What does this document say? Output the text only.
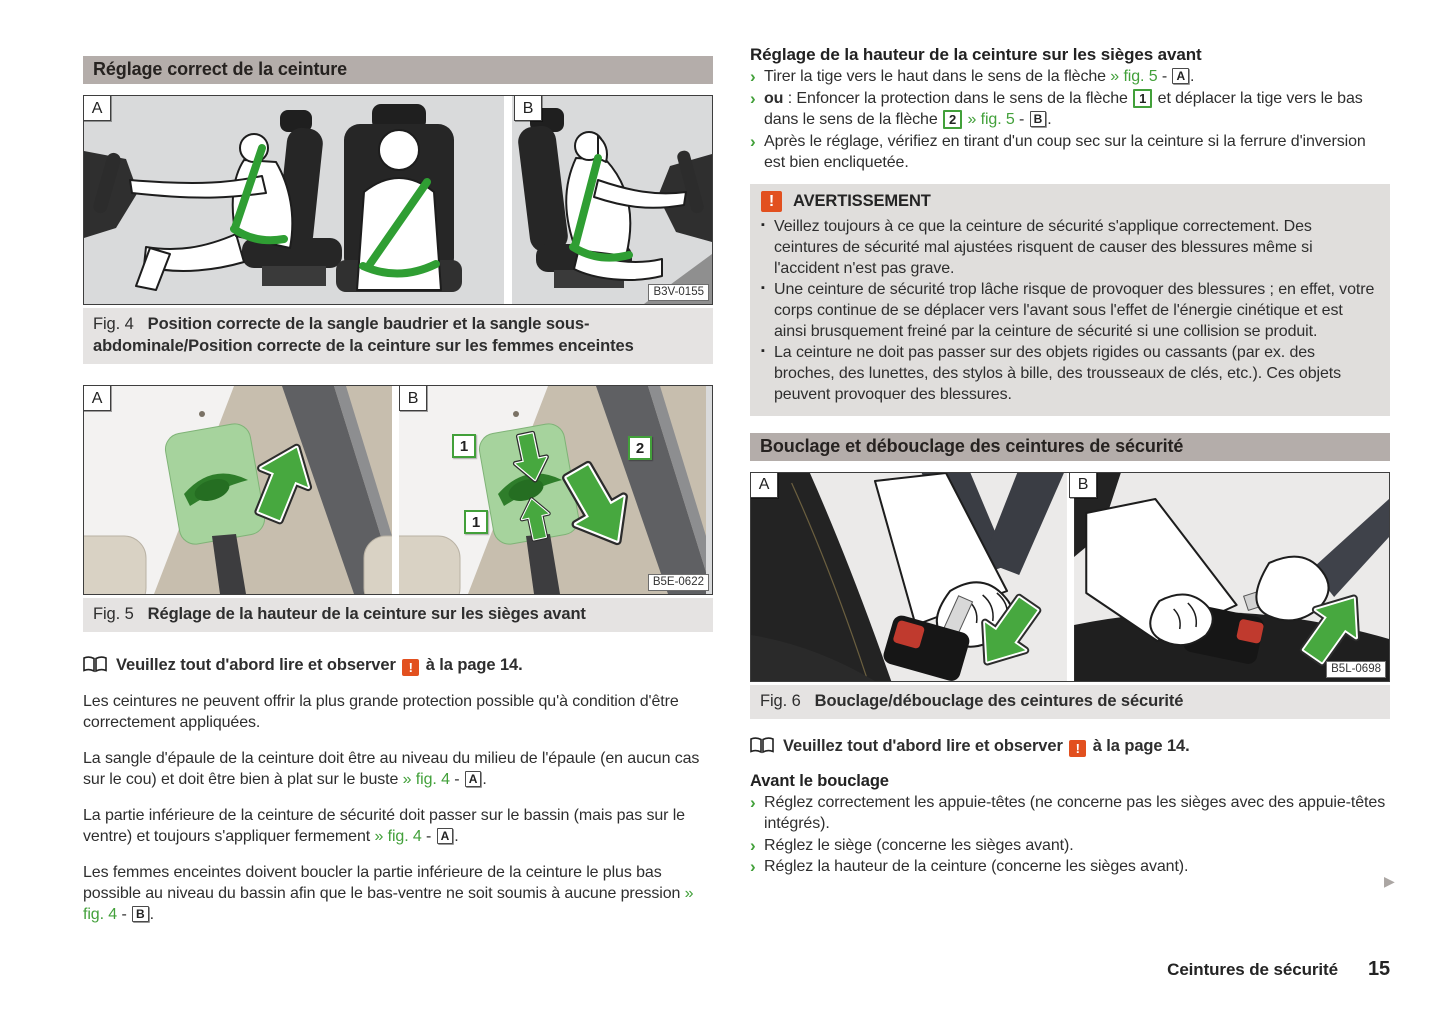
Réglage correct de la ceinture
A	B
B3V-0155
Fig. 4 Position correcte de la sangle baudrier et la sangle sous-abdominale/Position correcte de la ceinture sur les femmes enceintes
A	B
1	2
1
B5E-0622
Fig. 5 Réglage de la hauteur de la ceinture sur les sièges avant
Veuillez tout d'abord lire et observer ! à la page 14.

Les ceintures ne peuvent offrir la plus grande protection possible qu'à condition d'être correctement appliquées.

La sangle d'épaule de la ceinture doit être au niveau du milieu de l'épaule (en aucun cas sur le cou) et doit être bien à plat sur le buste » fig. 4 - A .

La partie inférieure de la ceinture de sécurité doit passer sur le bassin (mais pas sur le ventre) et toujours s'appliquer fermement » fig. 4 - A .

Les femmes enceintes doivent boucler la partie inférieure de la ceinture le plus bas possible au niveau du bassin afin que le bas-ventre ne soit soumis à aucune pression » fig. 4 - B .

Réglage de la hauteur de la ceinture sur les sièges avant
› Tirer la tige vers le haut dans le sens de la flèche » fig. 5 - A .
› ou : Enfoncer la protection dans le sens de la flèche 1 et déplacer la tige vers le bas dans le sens de la flèche 2 » fig. 5 - B .
› Après le réglage, vérifiez en tirant d'un coup sec sur la ceinture si la ferrure d'inversion est bien encliquetée.
!	AVERTISSEMENT
▪ Veillez toujours à ce que la ceinture de sécurité s'applique correctement. Des ceintures de sécurité mal ajustées risquent de causer des blessures même si l'accident n'est pas grave.
▪ Une ceinture de sécurité trop lâche risque de provoquer des blessures ; en effet, votre corps continue de se déplacer vers l'avant sous l'effet de l'énergie cinétique et est ainsi brusquement freiné par la ceinture de sécurité si une collision se produit.
▪ La ceinture ne doit pas passer sur des objets rigides ou cassants (par ex. des broches, des lunettes, des stylos à bille, des trousseaux de clés, etc.). Ces objets peuvent provoquer des blessures.
Bouclage et débouclage des ceintures de sécurité
A	B
B5L-0698
Fig. 6 Bouclage/débouclage des ceintures de sécurité
Veuillez tout d'abord lire et observer ! à la page 14.
Avant le bouclage
› Réglez correctement les appuie-têtes (ne concerne pas les sièges avec des appuie-têtes intégrés).
› Réglez le siège (concerne les sièges avant).
› Réglez la hauteur de la ceinture (concerne les sièges avant).
▶
Ceintures de sécurité 15
